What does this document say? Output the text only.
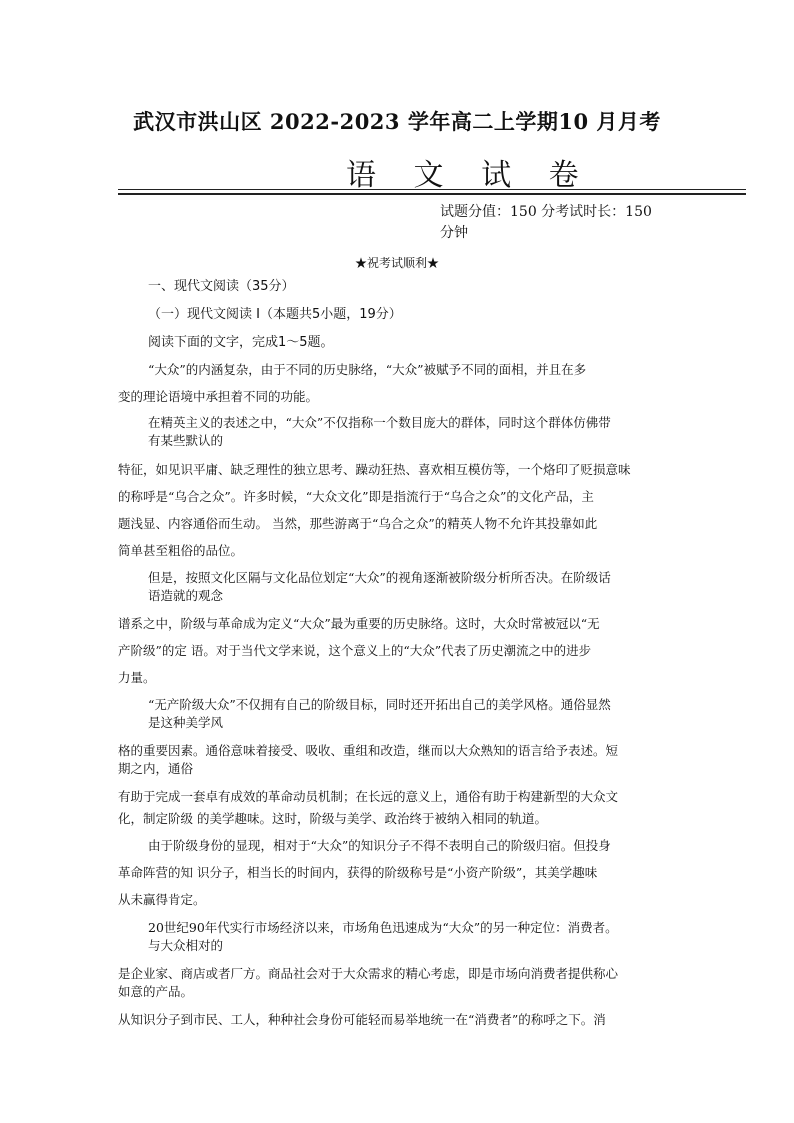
武汉市洪山区 2022-2023 学年高二上学期10 月月考
语 文 试 卷
试题分值：150 分考试时长：150
分钟
★祝考试顺利★
一、现代文阅读（35分）
（一）现代文阅读 I（本题共5小题，19分）
阅读下面的文字，完成1～5题。
“大众”的内涵复杂，由于不同的历史脉络，“大众”被赋予不同的面相，并且在多
变的理论语境中承担着不同的功能。
在精英主义的表述之中，“大众”不仅指称一个数目庞大的群体，同时这个群体仿佛带
有某些默认的
特征，如见识平庸、缺乏理性的独立思考、躁动狂热、喜欢相互模仿等，一个烙印了贬损意味
的称呼是“乌合之众”。许多时候，“大众文化”即是指流行于“乌合之众”的文化产品，主
题浅显、内容通俗而生动。 当然，那些游离于“乌合之众”的精英人物不允许其投靠如此
简单甚至粗俗的品位。
但是，按照文化区隔与文化品位划定“大众”的视角逐渐被阶级分析所否决。在阶级话
语造就的观念
谱系之中，阶级与革命成为定义“大众”最为重要的历史脉络。这时，大众时常被冠以“无
产阶级”的定 语。对于当代文学来说，这个意义上的“大众”代表了历史潮流之中的进步
力量。
“无产阶级大众”不仅拥有自己的阶级目标，同时还开拓出自己的美学风格。通俗显然
是这种美学风
格的重要因素。通俗意味着接受、吸收、重组和改造，继而以大众熟知的语言给予表述。短
期之内，通俗
有助于完成一套卓有成效的革命动员机制；在长远的意义上，通俗有助于构建新型的大众文
化，制定阶级 的美学趣味。这时，阶级与美学、政治终于被纳入相同的轨道。
由于阶级身份的显现，相对于“大众”的知识分子不得不表明自己的阶级归宿。但投身
革命阵营的知 识分子，相当长的时间内，获得的阶级称号是“小资产阶级”，其美学趣味
从未赢得肯定。
20世纪90年代实行市场经济以来，市场角色迅速成为“大众”的另一种定位：消费者。
与大众相对的
是企业家、商店或者厂方。商品社会对于大众需求的精心考虑，即是市场向消费者提供称心
如意的产品。
从知识分子到市民、工人，种种社会身份可能轻而易举地统一在“消费者”的称呼之下。消
